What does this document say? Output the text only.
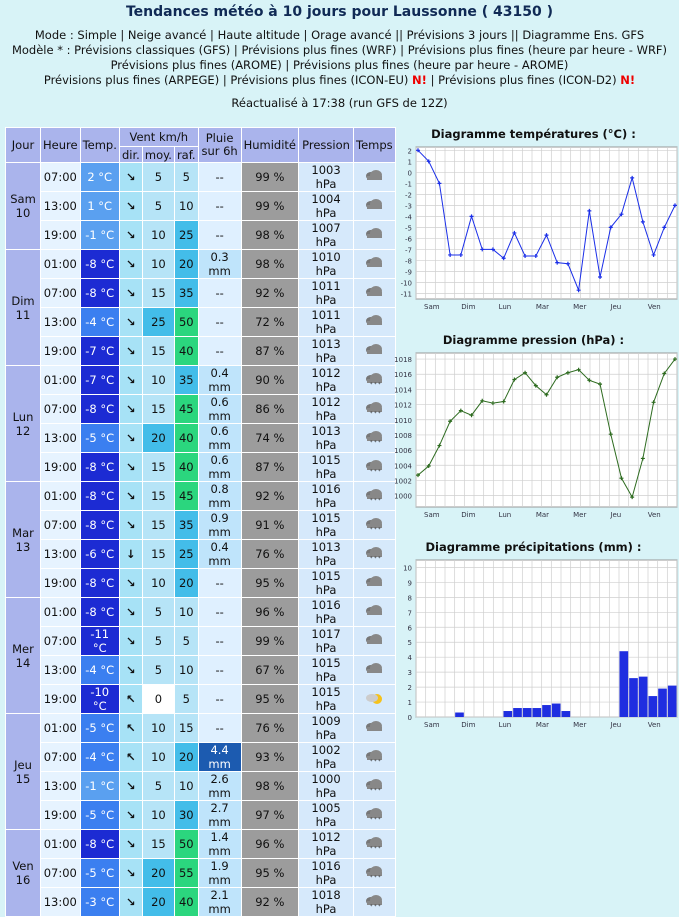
Tendances météo à 10 jours pour Laussonne ( 43150 )
Mode : Simple | Neige avancé | Haute altitude | Orage avancé || Prévisions 3 jours || Diagramme Ens. GFS
Modèle * : Prévisions classiques (GFS) | Prévisions plus fines (WRF) | Prévisions plus fines (heure par heure - WRF)
Prévisions plus fines (AROME) | Prévisions plus fines (heure par heure - AROME)
Prévisions plus fines (ARPEGE) | Prévisions plus fines (ICON-EU) N! | Prévisions plus fines (ICON-D2) N!
Réactualisé à 17:38 (run GFS de 12Z)
Jour	Heure	Temp.	Vent km/h			Pluie sur 6h	Humidité	Pression	Temps
			dir.	moy.	raf.				
Sam
10	07:00	2 °C	↘	5	5	--	99 %	1003 hPa	
	13:00	1 °C	↘	5	10	--	99 %	1004 hPa	
	19:00	-1 °C	↘	10	25	--	98 %	1007 hPa	
Dim
11	01:00	-8 °C	↘	10	20	0.3 mm	98 %	1010 hPa	
	07:00	-8 °C	↘	15	35	--	92 %	1011 hPa	
	13:00	-4 °C	↘	25	50	--	72 %	1011 hPa	
	19:00	-7 °C	↘	15	40	--	87 %	1013 hPa	
Lun
12	01:00	-7 °C	↘	10	35	0.4 mm	90 %	1012 hPa	* * *

	07:00	-8 °C	↘	15	45	0.6 mm	86 %	1012 hPa	* * *

	13:00	-5 °C	↘	20	40	0.6 mm	74 %	1013 hPa	* * *

	19:00	-8 °C	↘	15	40	0.6 mm	87 %	1015 hPa	* * *

Mar
13	01:00	-8 °C	↘	15	45	0.8 mm	92 %	1016 hPa	* * *

	07:00	-8 °C	↘	15	35	0.9 mm	91 %	1015 hPa	* * *

	13:00	-6 °C	↓	15	25	0.4 mm	76 %	1013 hPa	* * *

	19:00	-8 °C	↘	10	20	--	95 %	1015 hPa	
Mer
14	01:00	-8 °C	↘	5	10	--	96 %	1016 hPa	
	07:00	-11 °C	↘	5	5	--	99 %	1017 hPa	
	13:00	-4 °C	↘	5	10	--	67 %	1015 hPa	
	19:00	-10 °C	↖	0	5	--	95 %	1015 hPa	
Jeu
15	01:00	-5 °C	↖	10	15	--	76 %	1009 hPa	
	07:00	-4 °C	↖	10	20	4.4 mm	93 %	1002 hPa	* * *

	13:00	-1 °C	↘	5	10	2.6 mm	98 %	1000 hPa	* * *

	19:00	-5 °C	↘	10	30	2.7 mm	97 %	1005 hPa	* * *

Ven
16	01:00	-8 °C	↘	15	50	1.4 mm	96 %	1012 hPa	* * *

	07:00	-5 °C	↘	20	55	1.9 mm	95 %	1016 hPa	* * *

	13:00	-3 °C	↘	20	40	2.1 mm	92 %	1018 hPa	* * *
Diagramme températures (°C) :
2
1
0
-1
-2
-3
-4
-5
-6
-7
-8
-9
-10
-11
Sam	Dim	Lun	Mar	Mer	Jeu	Ven
Diagramme pression (hPa) :
1018
1016
1014
1012
1010
1008
1006
1004
1002
1000
Sam	Dim	Lun	Mar	Mer	Jeu	Ven
Diagramme précipitations (mm) :
10
9
8
7
6
5
4
3
2
1
0
Sam	Dim	Lun	Mar	Mer	Jeu	Ven
